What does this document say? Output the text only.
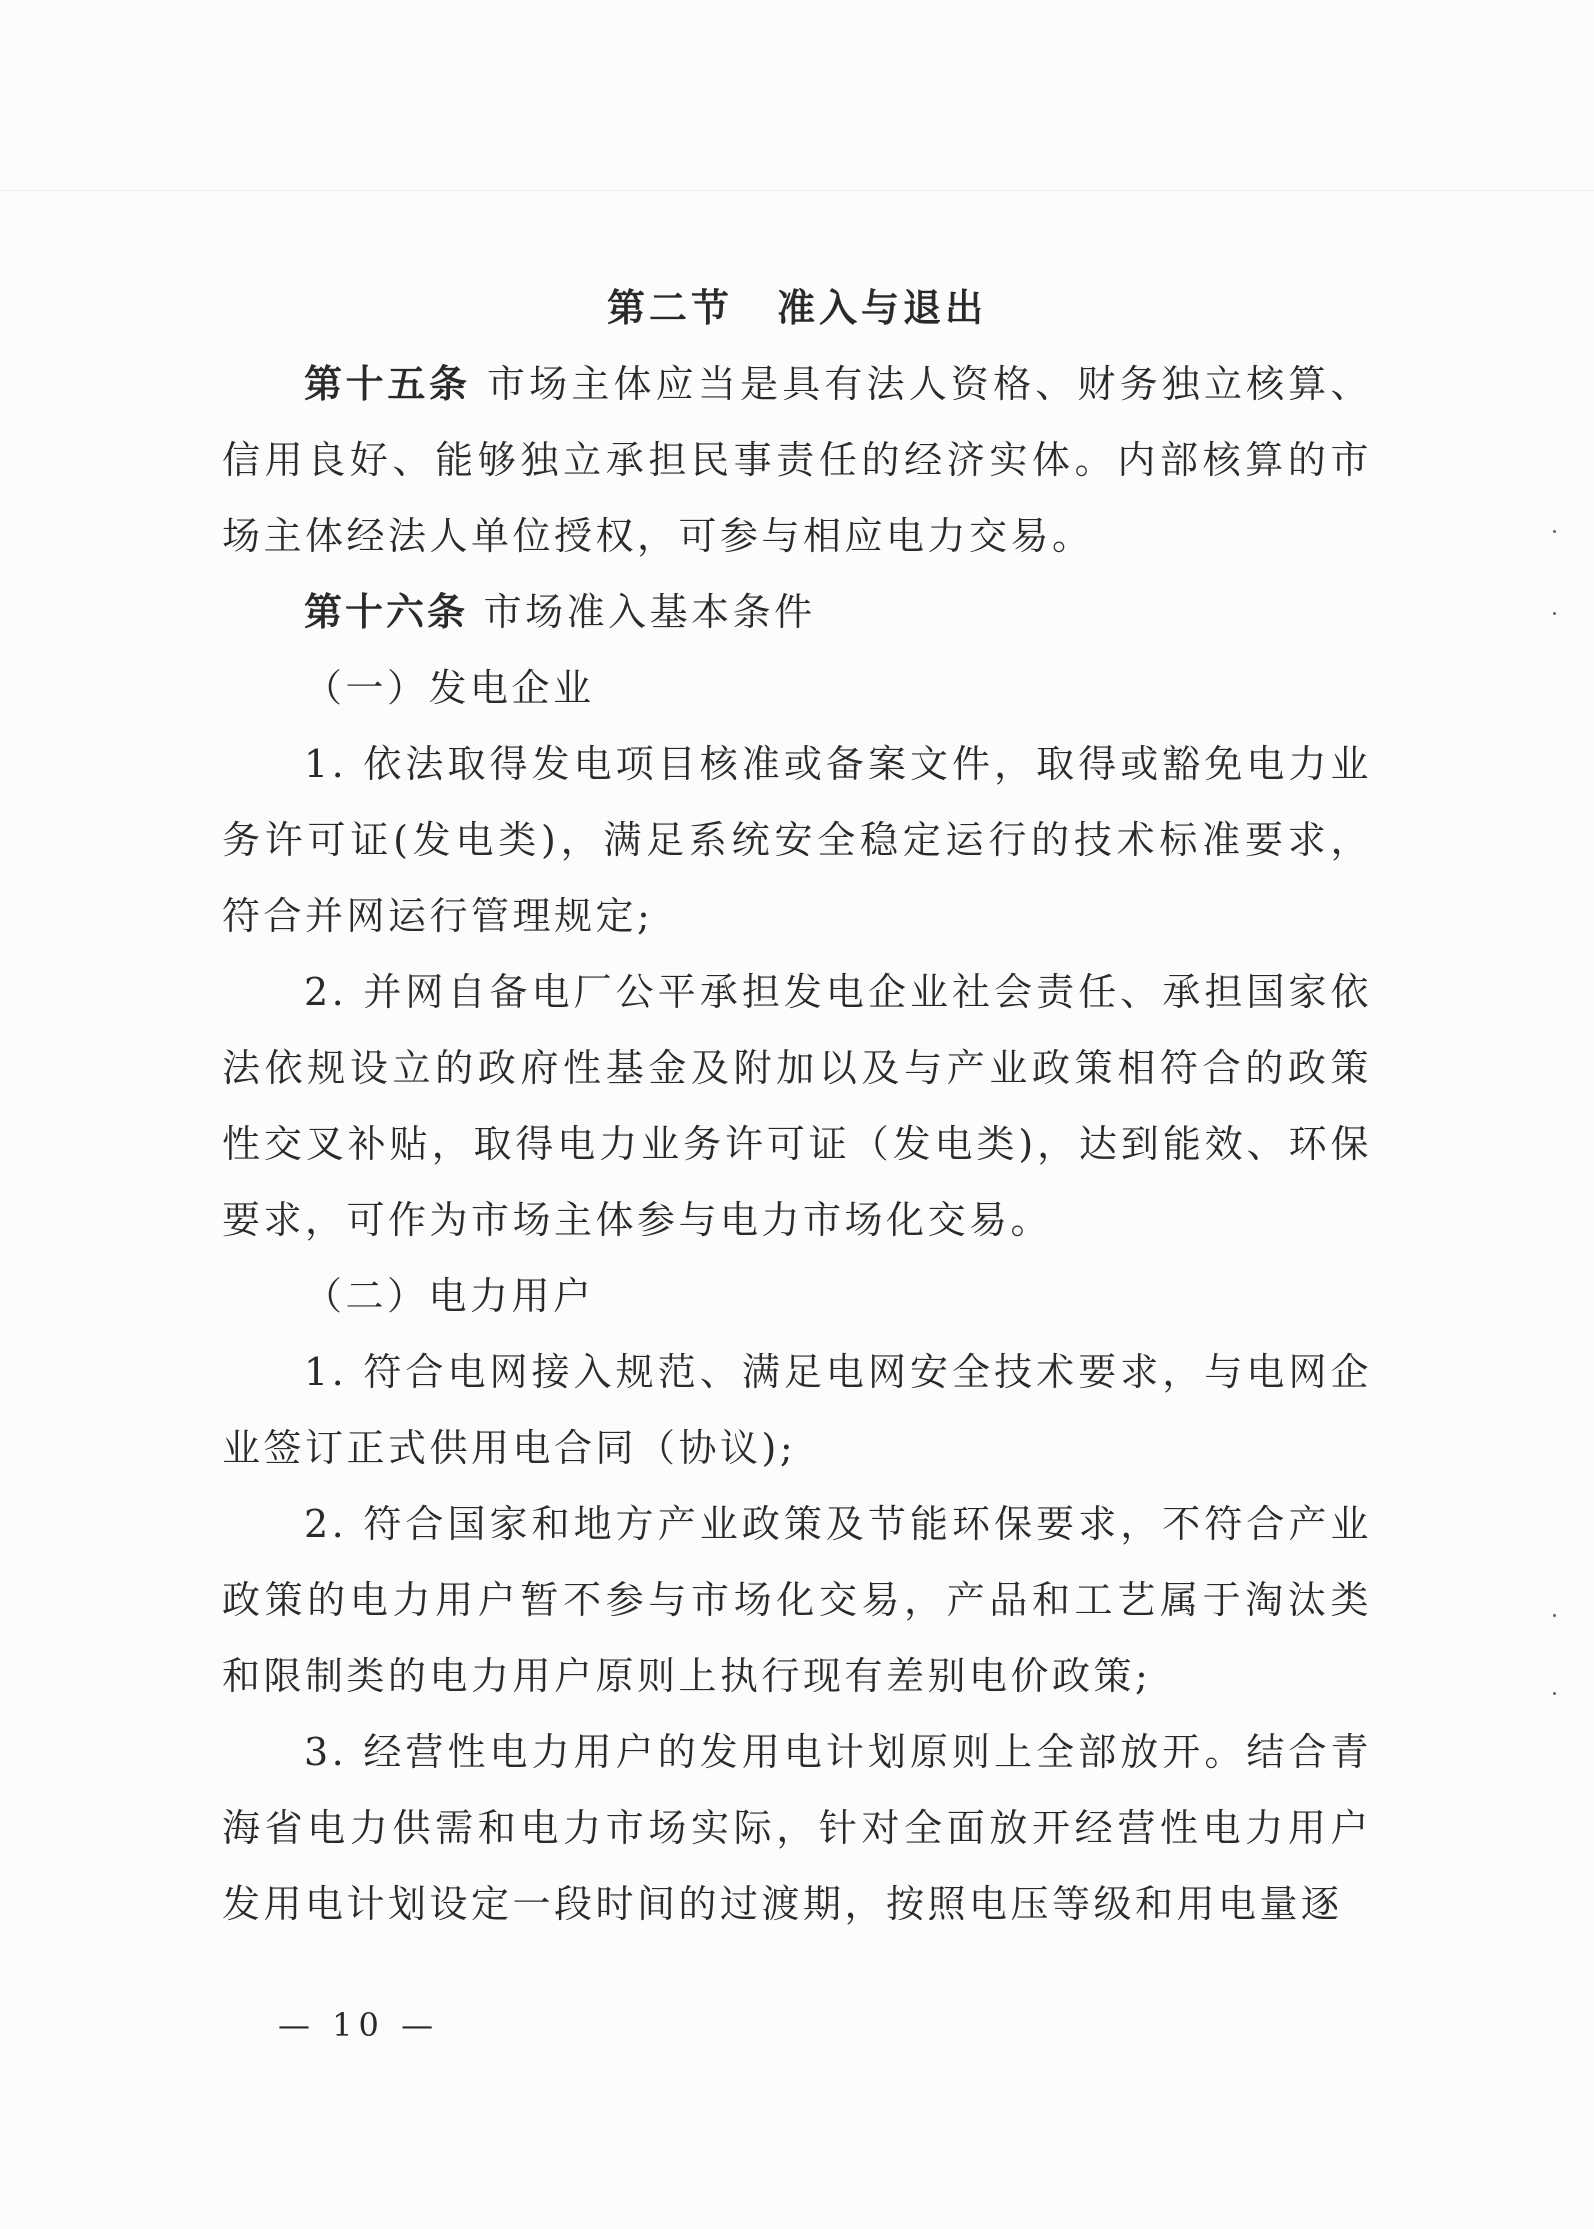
第二节 准入与退出

第十五条 市场主体应当是具有法人资格、财务独立核算、信用良好、能够独立承担民事责任的经济实体。内部核算的市场主体经法人单位授权，可参与相应电力交易。

第十六条 市场准入基本条件

（一）发电企业

1. 依法取得发电项目核准或备案文件，取得或豁免电力业务许可证(发电类)，满足系统安全稳定运行的技术标准要求，符合并网运行管理规定;

2. 并网自备电厂公平承担发电企业社会责任、承担国家依法依规设立的政府性基金及附加以及与产业政策相符合的政策性交叉补贴，取得电力业务许可证（发电类)，达到能效、环保要求，可作为市场主体参与电力市场化交易。

（二）电力用户

1. 符合电网接入规范、满足电网安全技术要求，与电网企业签订正式供用电合同（协议);

2. 符合国家和地方产业政策及节能环保要求，不符合产业政策的电力用户暂不参与市场化交易，产品和工艺属于淘汰类和限制类的电力用户原则上执行现有差别电价政策;

3. 经营性电力用户的发用电计划原则上全部放开。结合青海省电力供需和电力市场实际，针对全面放开经营性电力用户发用电计划设定一段时间的过渡期，按照电压等级和用电量逐

— 10 —
